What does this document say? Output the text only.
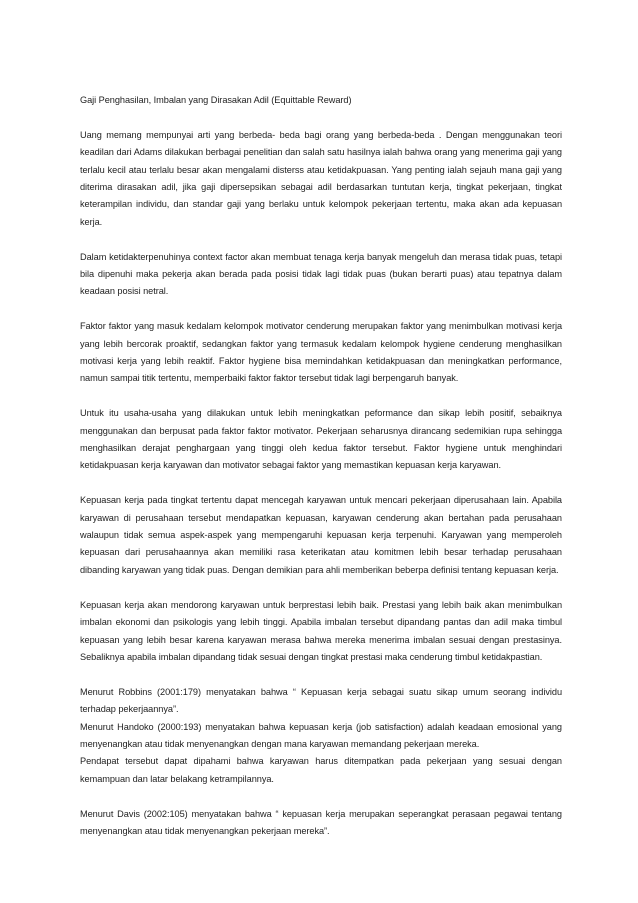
Gaji Penghasilan, Imbalan yang Dirasakan Adil (Equittable Reward)

Uang memang mempunyai arti yang berbeda- beda bagi orang yang berbeda-beda . Dengan menggunakan teori keadilan dari Adams dilakukan berbagai penelitian dan salah satu hasilnya ialah bahwa orang yang menerima gaji yang terlalu kecil atau terlalu besar akan mengalami disterss atau ketidakpuasan. Yang penting ialah sejauh mana gaji yang diterima dirasakan adil, jika gaji dipersepsikan sebagai adil berdasarkan tuntutan kerja, tingkat pekerjaan, tingkat keterampilan individu, dan standar gaji yang berlaku untuk kelompok pekerjaan tertentu, maka akan ada kepuasan kerja.

Dalam ketidakterpenuhinya context factor akan membuat tenaga kerja banyak mengeluh dan merasa tidak puas, tetapi bila dipenuhi maka pekerja akan berada pada posisi tidak lagi tidak puas (bukan berarti puas) atau tepatnya dalam keadaan posisi netral.

Faktor faktor yang masuk kedalam kelompok motivator cenderung merupakan faktor yang menimbulkan motivasi kerja yang lebih bercorak proaktif, sedangkan faktor yang termasuk kedalam kelompok hygiene cenderung menghasilkan motivasi kerja yang lebih reaktif. Faktor hygiene bisa memindahkan ketidakpuasan dan meningkatkan performance, namun sampai titik tertentu, memperbaiki faktor faktor tersebut tidak lagi berpengaruh banyak.

Untuk itu usaha-usaha yang dilakukan untuk lebih meningkatkan peformance dan sikap lebih positif, sebaiknya menggunakan dan berpusat pada faktor faktor motivator. Pekerjaan seharusnya dirancang sedemikian rupa sehingga menghasilkan derajat penghargaan yang tinggi oleh kedua faktor tersebut. Faktor hygiene untuk menghindari ketidakpuasan kerja karyawan dan motivator sebagai faktor yang memastikan kepuasan kerja karyawan.

Kepuasan kerja pada tingkat tertentu dapat mencegah karyawan untuk mencari pekerjaan diperusahaan lain. Apabila karyawan di perusahaan tersebut mendapatkan kepuasan, karyawan cenderung akan bertahan pada perusahaan walaupun tidak semua aspek-aspek yang mempengaruhi kepuasan kerja terpenuhi. Karyawan yang memperoleh kepuasan dari perusahaannya akan memiliki rasa keterikatan atau komitmen lebih besar terhadap perusahaan dibanding karyawan yang tidak puas. Dengan demikian para ahli memberikan beberpa definisi tentang kepuasan kerja.

Kepuasan kerja akan mendorong karyawan untuk berprestasi lebih baik. Prestasi yang lebih baik akan menimbulkan imbalan ekonomi dan psikologis yang lebih tinggi. Apabila imbalan tersebut dipandang pantas dan adil maka timbul kepuasan yang lebih besar karena karyawan merasa bahwa mereka menerima imbalan sesuai dengan prestasinya. Sebaliknya apabila imbalan dipandang tidak sesuai dengan tingkat prestasi maka cenderung timbul ketidakpastian.

Menurut Robbins (2001:179) menyatakan bahwa “ Kepuasan kerja sebagai suatu sikap umum seorang individu terhadap pekerjaannya”.

Menurut Handoko (2000:193) menyatakan bahwa kepuasan kerja (job satisfaction) adalah keadaan emosional yang menyenangkan atau tidak menyenangkan dengan mana karyawan memandang pekerjaan mereka.

Pendapat tersebut dapat dipahami bahwa karyawan harus ditempatkan pada pekerjaan yang sesuai dengan kemampuan dan latar belakang ketrampilannya.

Menurut Davis (2002:105) menyatakan bahwa “ kepuasan kerja merupakan seperangkat perasaan pegawai tentang menyenangkan atau tidak menyenangkan pekerjaan mereka”.
